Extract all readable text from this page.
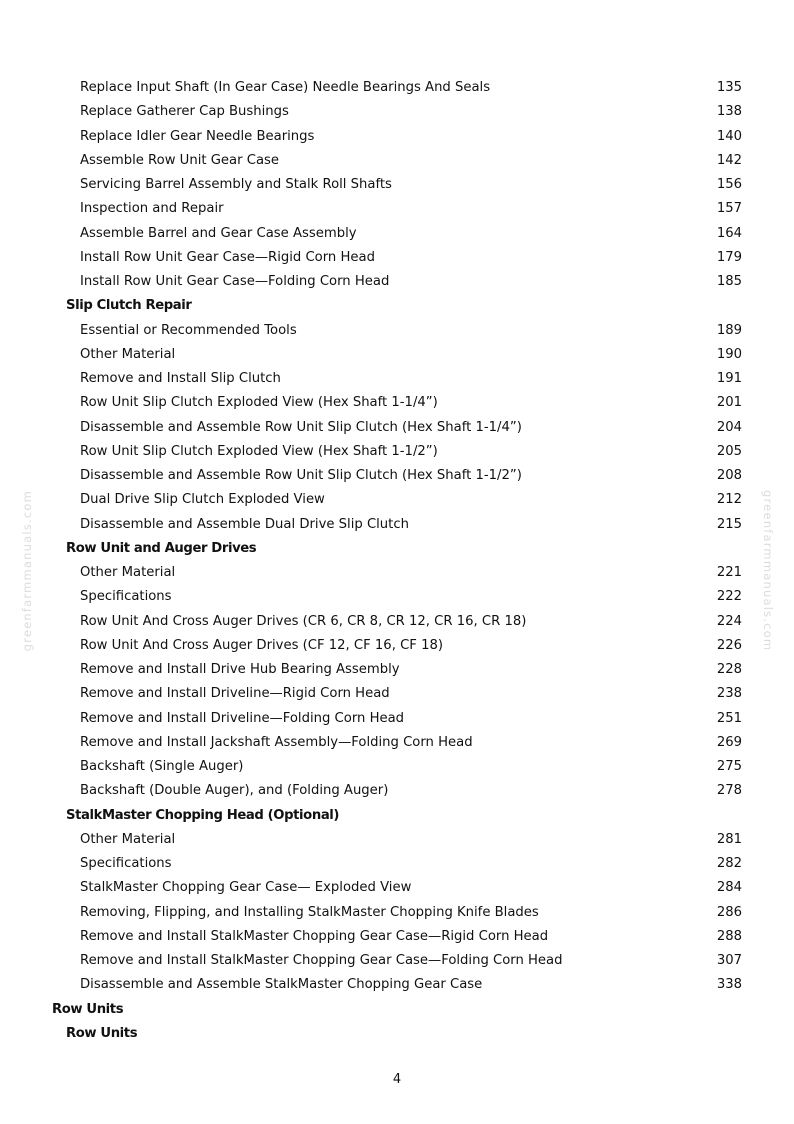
Replace Input Shaft (In Gear Case) Needle Bearings And Seals	135
Replace Gatherer Cap Bushings	138
Replace Idler Gear Needle Bearings	140
Assemble Row Unit Gear Case	142
Servicing Barrel Assembly and Stalk Roll Shafts	156
Inspection and Repair	157
Assemble Barrel and Gear Case Assembly	164
Install Row Unit Gear Case—Rigid Corn Head	179
Install Row Unit Gear Case—Folding Corn Head	185
Slip Clutch Repair
Essential or Recommended Tools	189
Other Material	190
Remove and Install Slip Clutch	191
Row Unit Slip Clutch Exploded View (Hex Shaft 1-1/4”)	201
Disassemble and Assemble Row Unit Slip Clutch (Hex Shaft 1-1/4”)	204
Row Unit Slip Clutch Exploded View (Hex Shaft 1-1/2”)	205
Disassemble and Assemble Row Unit Slip Clutch (Hex Shaft 1-1/2”)	208
Dual Drive Slip Clutch Exploded View	212
Disassemble and Assemble Dual Drive Slip Clutch	215
Row Unit and Auger Drives
Other Material	221
Specifications	222
Row Unit And Cross Auger Drives (CR 6, CR 8, CR 12, CR 16, CR 18)	224
Row Unit And Cross Auger Drives (CF 12, CF 16, CF 18)	226
Remove and Install Drive Hub Bearing Assembly	228
Remove and Install Driveline—Rigid Corn Head	238
Remove and Install Driveline—Folding Corn Head	251
Remove and Install Jackshaft Assembly—Folding Corn Head	269
Backshaft (Single Auger)	275
Backshaft (Double Auger), and (Folding Auger)	278
StalkMaster Chopping Head (Optional)
Other Material	281
Specifications	282
StalkMaster Chopping Gear Case— Exploded View	284
Removing, Flipping, and Installing StalkMaster Chopping Knife Blades	286
Remove and Install StalkMaster Chopping Gear Case—Rigid Corn Head	288
Remove and Install StalkMaster Chopping Gear Case—Folding Corn Head	307
Disassemble and Assemble StalkMaster Chopping Gear Case	338
Row Units
Row Units
greenfarmmanuals.com	greenfarmmanuals.com
4
